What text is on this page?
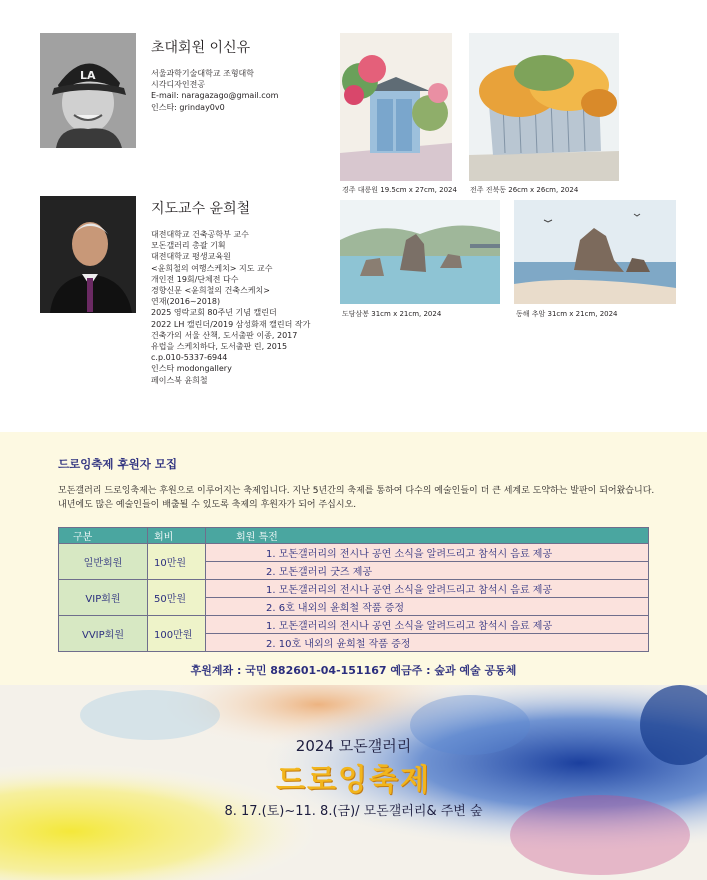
LA
초대회원 이신유
서울과학기술대학교 조형대학
시각디자인전공
E-mail: naragazago@gmail.com
인스타: grinday0v0
지도교수 윤희철
대전대학교 건축공학부 교수
모돈갤러리 총괄 기획
대전대학교 평생교육원
<윤희철의 여행스케치> 지도 교수
개인전 19회/단체전 다수
경향신문 <윤희철의 건축스케치>
연재(2016~2018)
2025 영락교회 80주년 기념 캘린더
2022 LH 캘린더/2019 삼성화재 캘린더 작가
건축가의 서울 산책, 도서출판 이종, 2017
유럽을 스케치하다, 도서출판 린, 2015
c.p.010-5337-6944
인스타 modongallery
페이스북 윤희철
경주 대릉원 19.5cm x 27cm, 2024 전주 진북동 26cm x 26cm, 2024
도담삼봉 31cm x 21cm, 2024	동해 추암 31cm x 21cm, 2024
드로잉축제 후원자 모집
모돈갤러리 드로잉축제는 후원으로 이루어지는 축제입니다. 지난 5년간의 축제를 통하여 다수의 예술인들이 더 큰 세계로 도약하는 발판이 되어왔습니다. 내년에도 많은 예술인들이 배출될 수 있도록 축제의 후원자가 되어 주십시오.
구분	회비	회원 특전
일반회원	10만원	1. 모돈갤러리의 전시나 공연 소식을 알려드리고 참석시 음료 제공
		2. 모돈갤러리 굿즈 제공
VIP회원	50만원	1. 모돈갤러리의 전시나 공연 소식을 알려드리고 참석시 음료 제공
		2. 6호 내외의 윤희철 작품 증정
VVIP회원	100만원	1. 모돈갤러리의 전시나 공연 소식을 알려드리고 참석시 음료 제공
		2. 10호 내외의 윤희철 작품 증정
후원계좌 : 국민 882601-04-151167 예금주 : 숲과 예술 공동체
2024 모돈갤러리
드로잉축제
8. 17.(토)~11. 8.(금)/ 모돈갤러리& 주변 숲
